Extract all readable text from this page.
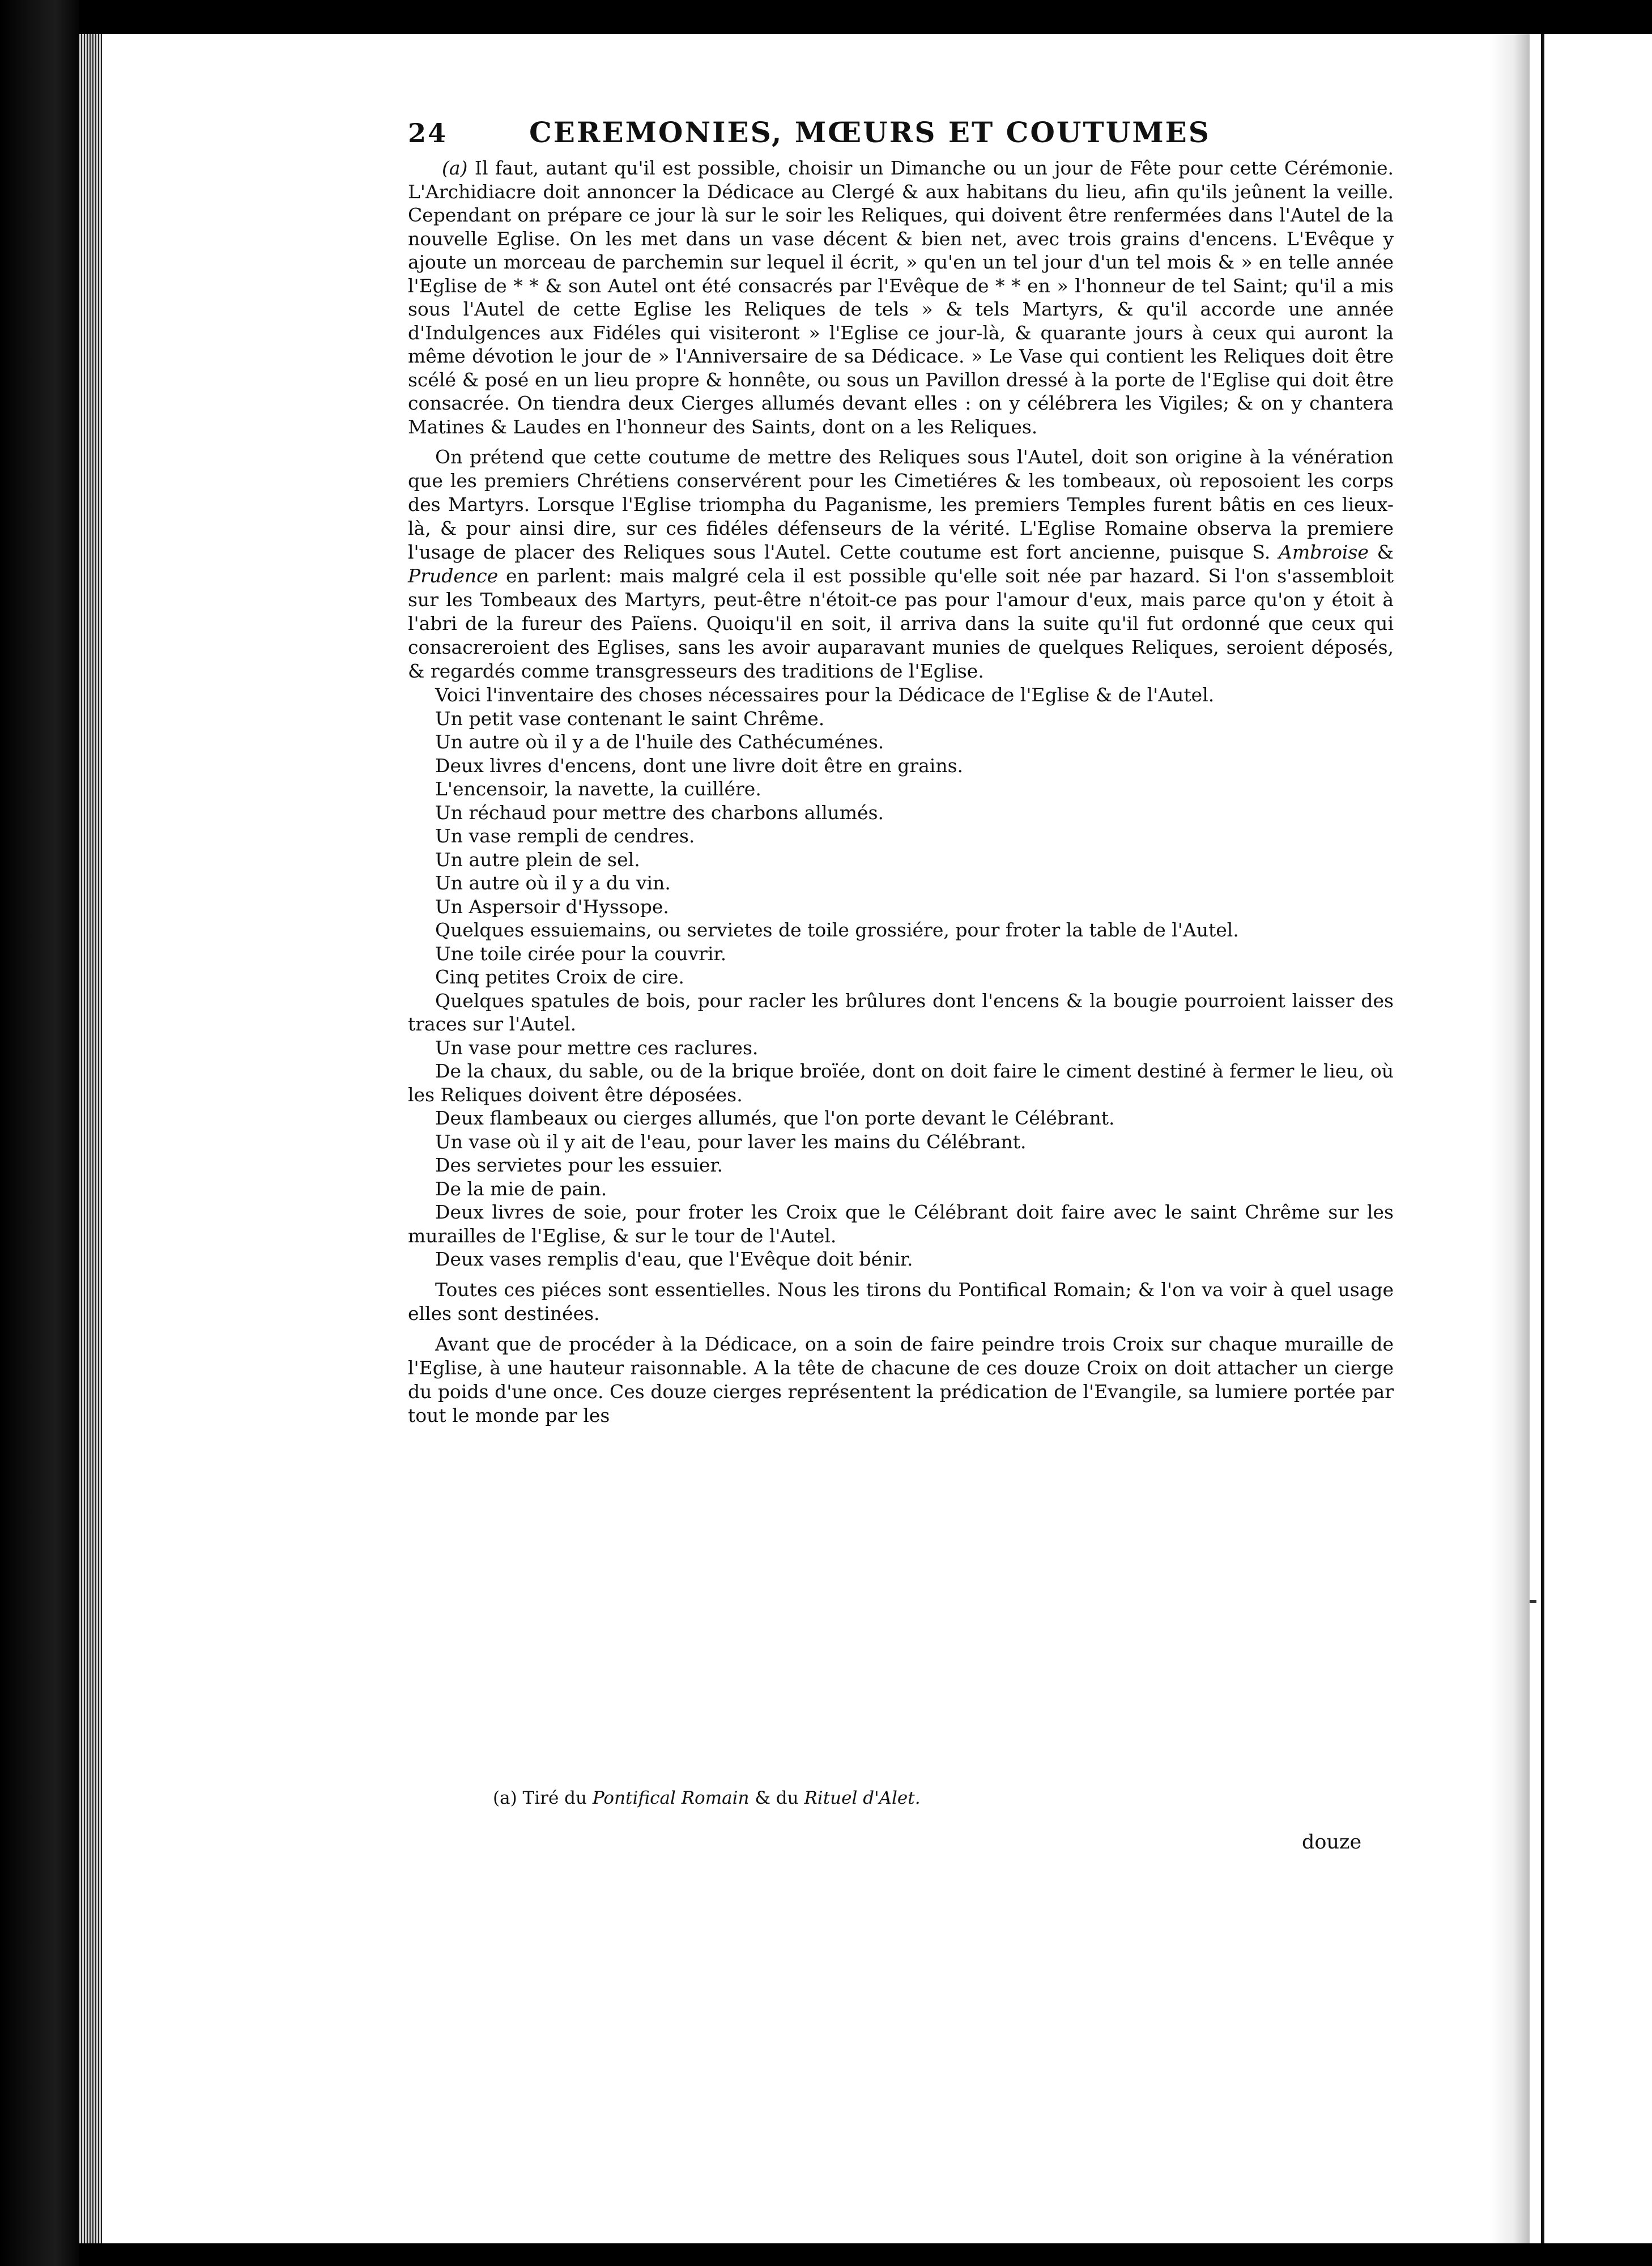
24	CEREMONIES, MŒURS ET COUTUMES

(a) Il faut, autant qu'il est possible, choisir un Dimanche ou un jour de Fête pour cette Cérémonie. L'Archidiacre doit annoncer la Dédicace au Clergé & aux habitans du lieu, afin qu'ils jeûnent la veille. Cependant on prépare ce jour là sur le soir les Reliques, qui doivent être renfermées dans l'Autel de la nouvelle Eglise. On les met dans un vase décent & bien net, avec trois grains d'encens. L'Evêque y ajoute un morceau de parchemin sur lequel il écrit, » qu'en un tel jour d'un tel mois & » en telle année l'Eglise de * * & son Autel ont été consacrés par l'Evêque de * * en » l'honneur de tel Saint; qu'il a mis sous l'Autel de cette Eglise les Reliques de tels » & tels Martyrs, & qu'il accorde une année d'Indulgences aux Fidéles qui visiteront » l'Eglise ce jour-là, & quarante jours à ceux qui auront la même dévotion le jour de » l'Anniversaire de sa Dédicace. » Le Vase qui contient les Reliques doit être scélé & posé en un lieu propre & honnête, ou sous un Pavillon dressé à la porte de l'Eglise qui doit être consacrée. On tiendra deux Cierges allumés devant elles : on y célébrera les Vigiles; & on y chantera Matines & Laudes en l'honneur des Saints, dont on a les Reliques.

On prétend que cette coutume de mettre des Reliques sous l'Autel, doit son origine à la vénération que les premiers Chrétiens conservérent pour les Cimetiéres & les tombeaux, où reposoient les corps des Martyrs. Lorsque l'Eglise triompha du Paganisme, les premiers Temples furent bâtis en ces lieux-là, & pour ainsi dire, sur ces fidéles défenseurs de la vérité. L'Eglise Romaine observa la premiere l'usage de placer des Reliques sous l'Autel. Cette coutume est fort ancienne, puisque S. Ambroise & Prudence en parlent: mais malgré cela il est possible qu'elle soit née par hazard. Si l'on s'assembloit sur les Tombeaux des Martyrs, peut-être n'étoit-ce pas pour l'amour d'eux, mais parce qu'on y étoit à l'abri de la fureur des Païens. Quoiqu'il en soit, il arriva dans la suite qu'il fut ordonné que ceux qui consacreroient des Eglises, sans les avoir auparavant munies de quelques Reliques, seroient déposés, & regardés comme transgresseurs des traditions de l'Eglise.

Voici l'inventaire des choses nécessaires pour la Dédicace de l'Eglise & de l'Autel.
Un petit vase contenant le saint Chrême.
Un autre où il y a de l'huile des Cathécuménes.
Deux livres d'encens, dont une livre doit être en grains.
L'encensoir, la navette, la cuillére.
Un réchaud pour mettre des charbons allumés.
Un vase rempli de cendres.
Un autre plein de sel.
Un autre où il y a du vin.
Un Aspersoir d'Hyssope.
Quelques essuiemains, ou servietes de toile grossiére, pour froter la table de l'Autel.
Une toile cirée pour la couvrir.
Cinq petites Croix de cire.
Quelques spatules de bois, pour racler les brûlures dont l'encens & la bougie pourroient laisser des traces sur l'Autel.
Un vase pour mettre ces raclures.
De la chaux, du sable, ou de la brique broïée, dont on doit faire le ciment destiné à fermer le lieu, où les Reliques doivent être déposées.
Deux flambeaux ou cierges allumés, que l'on porte devant le Célébrant.
Un vase où il y ait de l'eau, pour laver les mains du Célébrant.
Des servietes pour les essuier.
De la mie de pain.
Deux livres de soie, pour froter les Croix que le Célébrant doit faire avec le saint Chrême sur les murailles de l'Eglise, & sur le tour de l'Autel.
Deux vases remplis d'eau, que l'Evêque doit bénir.

Toutes ces piéces sont essentielles. Nous les tirons du Pontifical Romain; & l'on va voir à quel usage elles sont destinées.

Avant que de procéder à la Dédicace, on a soin de faire peindre trois Croix sur chaque muraille de l'Eglise, à une hauteur raisonnable. A la tête de chacune de ces douze Croix on doit attacher un cierge du poids d'une once. Ces douze cierges représentent la prédication de l'Evangile, sa lumiere portée par tout le monde par les

(a) Tiré du Pontifical Romain & du Rituel d'Alet.
douze
